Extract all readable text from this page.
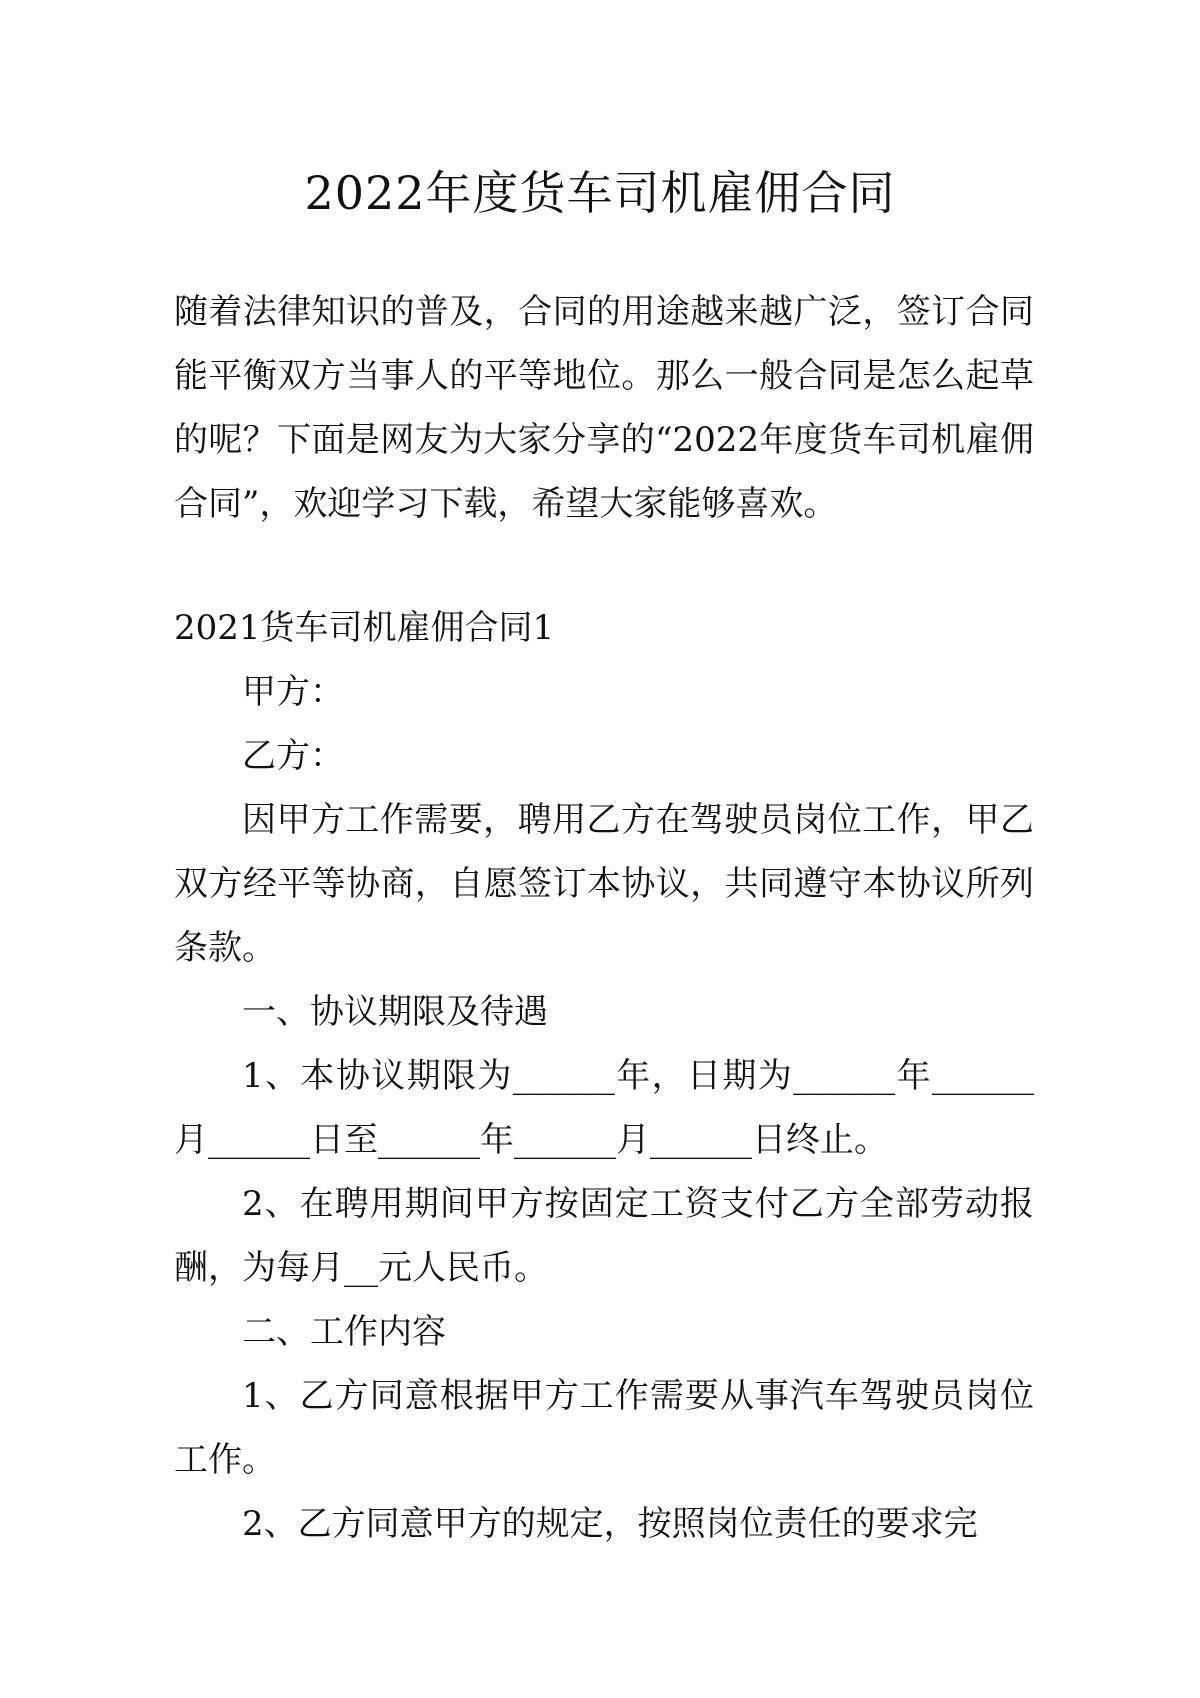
2022年度货车司机雇佣合同

随着法律知识的普及，合同的用途越来越广泛，签订合同能平衡双方当事人的平等地位。那么一般合同是怎么起草的呢？下面是网友为大家分享的“2022年度货车司机雇佣合同”，欢迎学习下载，希望大家能够喜欢。

2021货车司机雇佣合同1

甲方：

乙方：

因甲方工作需要，聘用乙方在驾驶员岗位工作，甲乙双方经平等协商，自愿签订本协议，共同遵守本协议所列条款。

一、协议期限及待遇

1、本协议期限为______年，日期为______年______月______日至______年______月______日终止。

2、在聘用期间甲方按固定工资支付乙方全部劳动报酬，为每月__元人民币。

二、工作内容

1、乙方同意根据甲方工作需要从事汽车驾驶员岗位工作。

2、乙方同意甲方的规定，按照岗位责任的要求完
